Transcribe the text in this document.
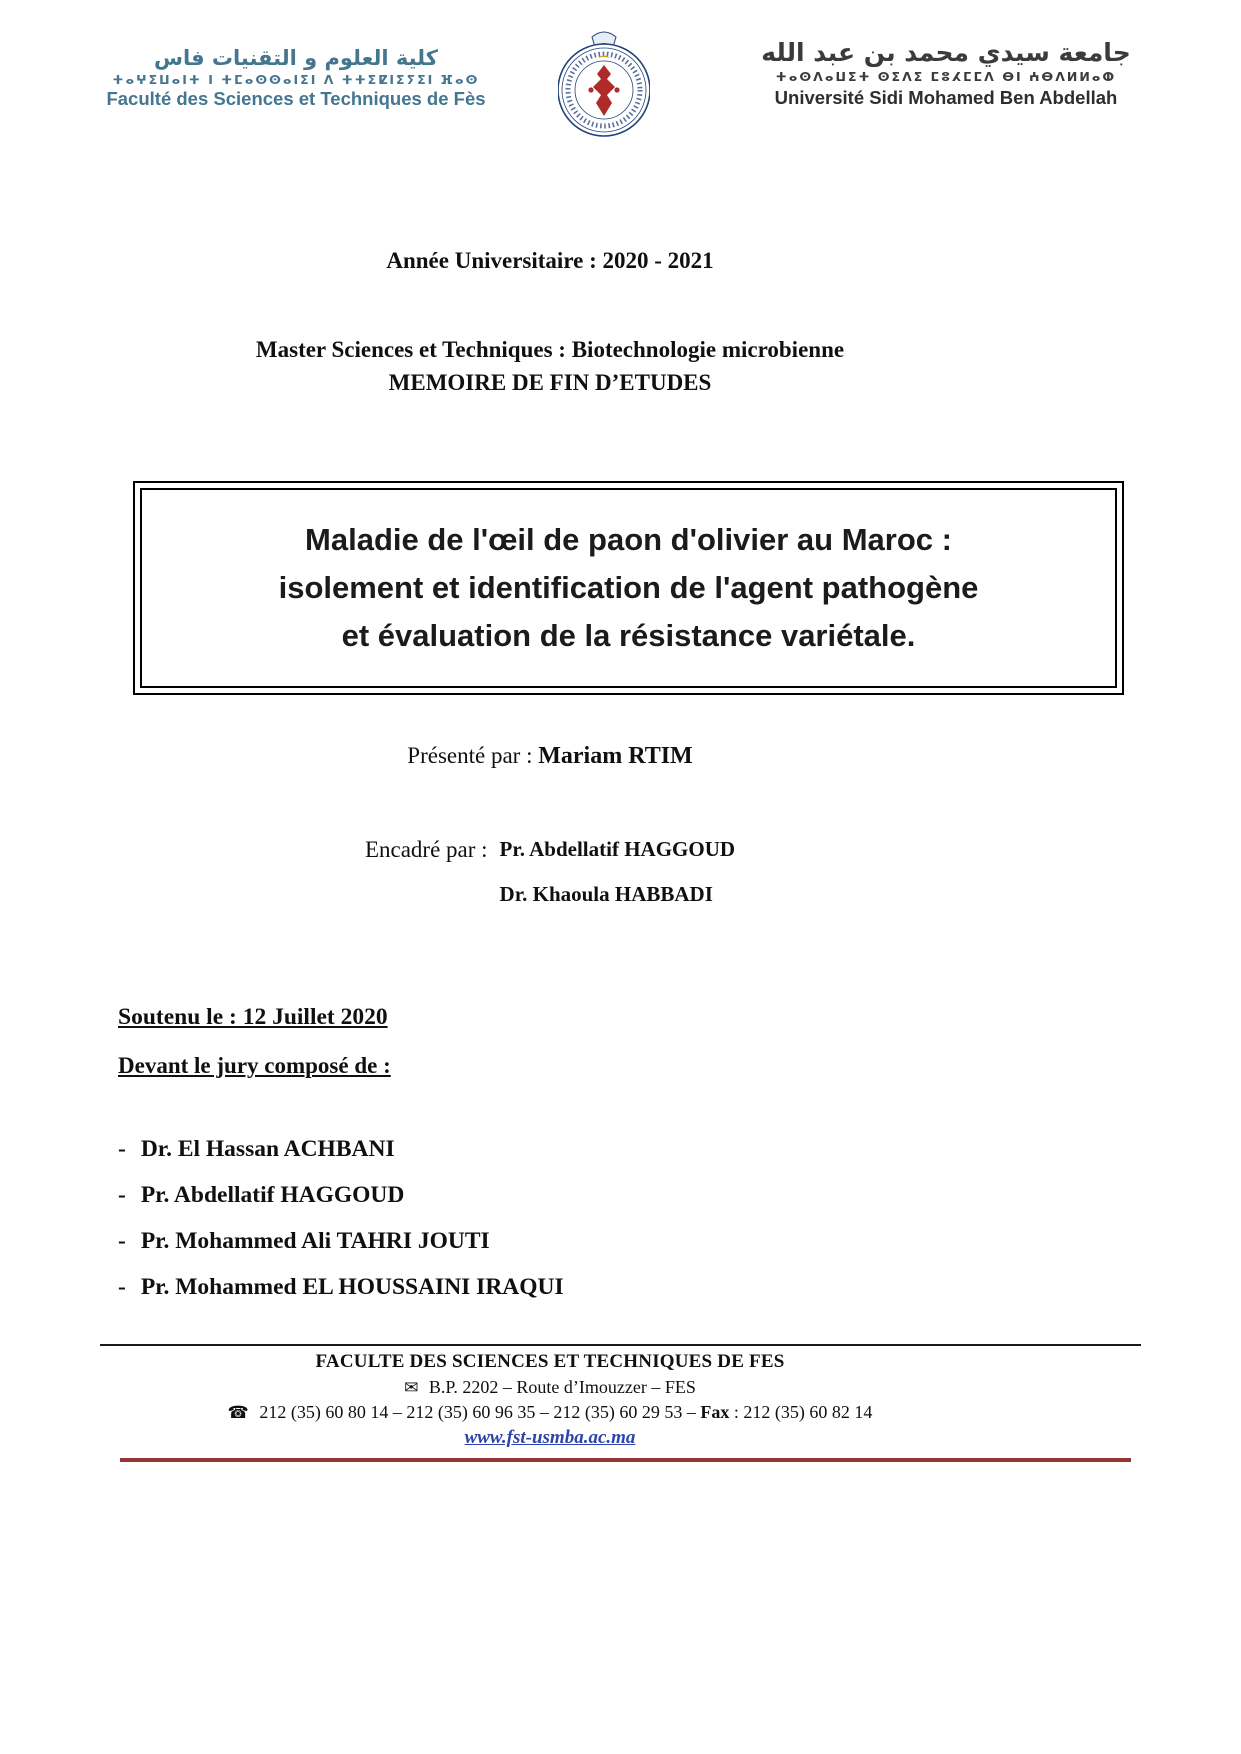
كلية العلوم و التقنيات فاس
ⵜⴰⵖⵉⵡⴰⵏⵜ ⵏ ⵜⵎⴰⵙⵙⴰⵏⵉⵏ ⴷ ⵜⵜⵉⵇⵏⵉⵢⵉⵏ ⴼⴰⵙ
Faculté des Sciences et Techniques de Fès
جامعة سيدي محمد بن عبد الله
ⵜⴰⵙⴷⴰⵡⵉⵜ ⵙⵉⴷⵉ ⵎⵓⵃⵎⵎⴷ ⴱⵏ ⵄⴱⴷⵍⵍⴰⵀ
Université Sidi Mohamed Ben Abdellah
Année Universitaire : 2020 - 2021
Master Sciences et Techniques : Biotechnologie microbienne
MEMOIRE DE FIN D’ETUDES
Maladie de l'œil de paon d'olivier au Maroc :
isolement et identification de l'agent pathogène
et évaluation de la résistance variétale.
Présenté par : Mariam RTIM
Encadré par : Pr. Abdellatif HAGGOUD
Dr. Khaoula HABBADI
Soutenu le : 12 Juillet 2020
Devant le jury composé de :
- Dr. El Hassan ACHBANI
- Pr. Abdellatif HAGGOUD
- Pr. Mohammed Ali TAHRI JOUTI
- Pr. Mohammed EL HOUSSAINI IRAQUI
FACULTE DES SCIENCES ET TECHNIQUES DE FES
✉ B.P. 2202 – Route d’Imouzzer – FES
☎ 212 (35) 60 80 14 – 212 (35) 60 96 35 – 212 (35) 60 29 53 – Fax : 212 (35) 60 82 14
www.fst-usmba.ac.ma
